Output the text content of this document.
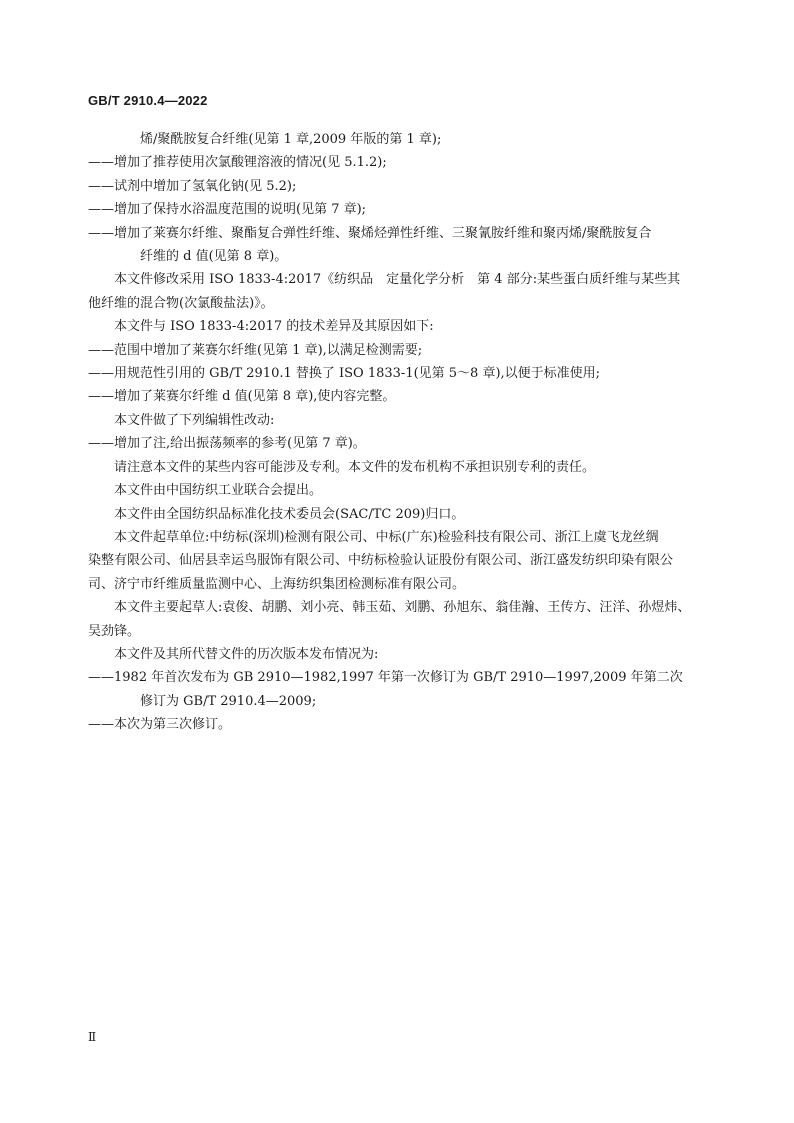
GB/T 2910.4—2022

烯/聚酰胺复合纤维(见第 1 章,2009 年版的第 1 章);

——增加了推荐使用次氯酸锂溶液的情况(见 5.1.2);

——试剂中增加了氢氧化钠(见 5.2);

——增加了保持水浴温度范围的说明(见第 7 章);

——增加了莱赛尔纤维、聚酯复合弹性纤维、聚烯烃弹性纤维、三聚氰胺纤维和聚丙烯/聚酰胺复合

纤维的 d 值(见第 8 章)。

本文件修改采用 ISO 1833-4:2017《纺织品　定量化学分析　第 4 部分:某些蛋白质纤维与某些其

他纤维的混合物(次氯酸盐法)》。

本文件与 ISO 1833-4:2017 的技术差异及其原因如下:

——范围中增加了莱赛尔纤维(见第 1 章),以满足检测需要;

——用规范性引用的 GB/T 2910.1 替换了 ISO 1833-1(见第 5～8 章),以便于标准使用;

——增加了莱赛尔纤维 d 值(见第 8 章),使内容完整。

本文件做了下列编辑性改动:

——增加了注,给出振荡频率的参考(见第 7 章)。

请注意本文件的某些内容可能涉及专利。本文件的发布机构不承担识别专利的责任。

本文件由中国纺织工业联合会提出。

本文件由全国纺织品标准化技术委员会(SAC/TC 209)归口。

本文件起草单位:中纺标(深圳)检测有限公司、中标(广东)检验科技有限公司、浙江上虞飞龙丝绸

染整有限公司、仙居县幸运鸟服饰有限公司、中纺标检验认证股份有限公司、浙江盛发纺织印染有限公

司、济宁市纤维质量监测中心、上海纺织集团检测标准有限公司。

本文件主要起草人:袁俊、胡鹏、刘小亮、韩玉茹、刘鹏、孙旭东、翁佳瀚、王传方、汪洋、孙煜炜、

吴劲锋。

本文件及其所代替文件的历次版本发布情况为:

——1982 年首次发布为 GB 2910—1982,1997 年第一次修订为 GB/T 2910—1997,2009 年第二次

修订为 GB/T 2910.4—2009;

——本次为第三次修订。

Ⅱ
